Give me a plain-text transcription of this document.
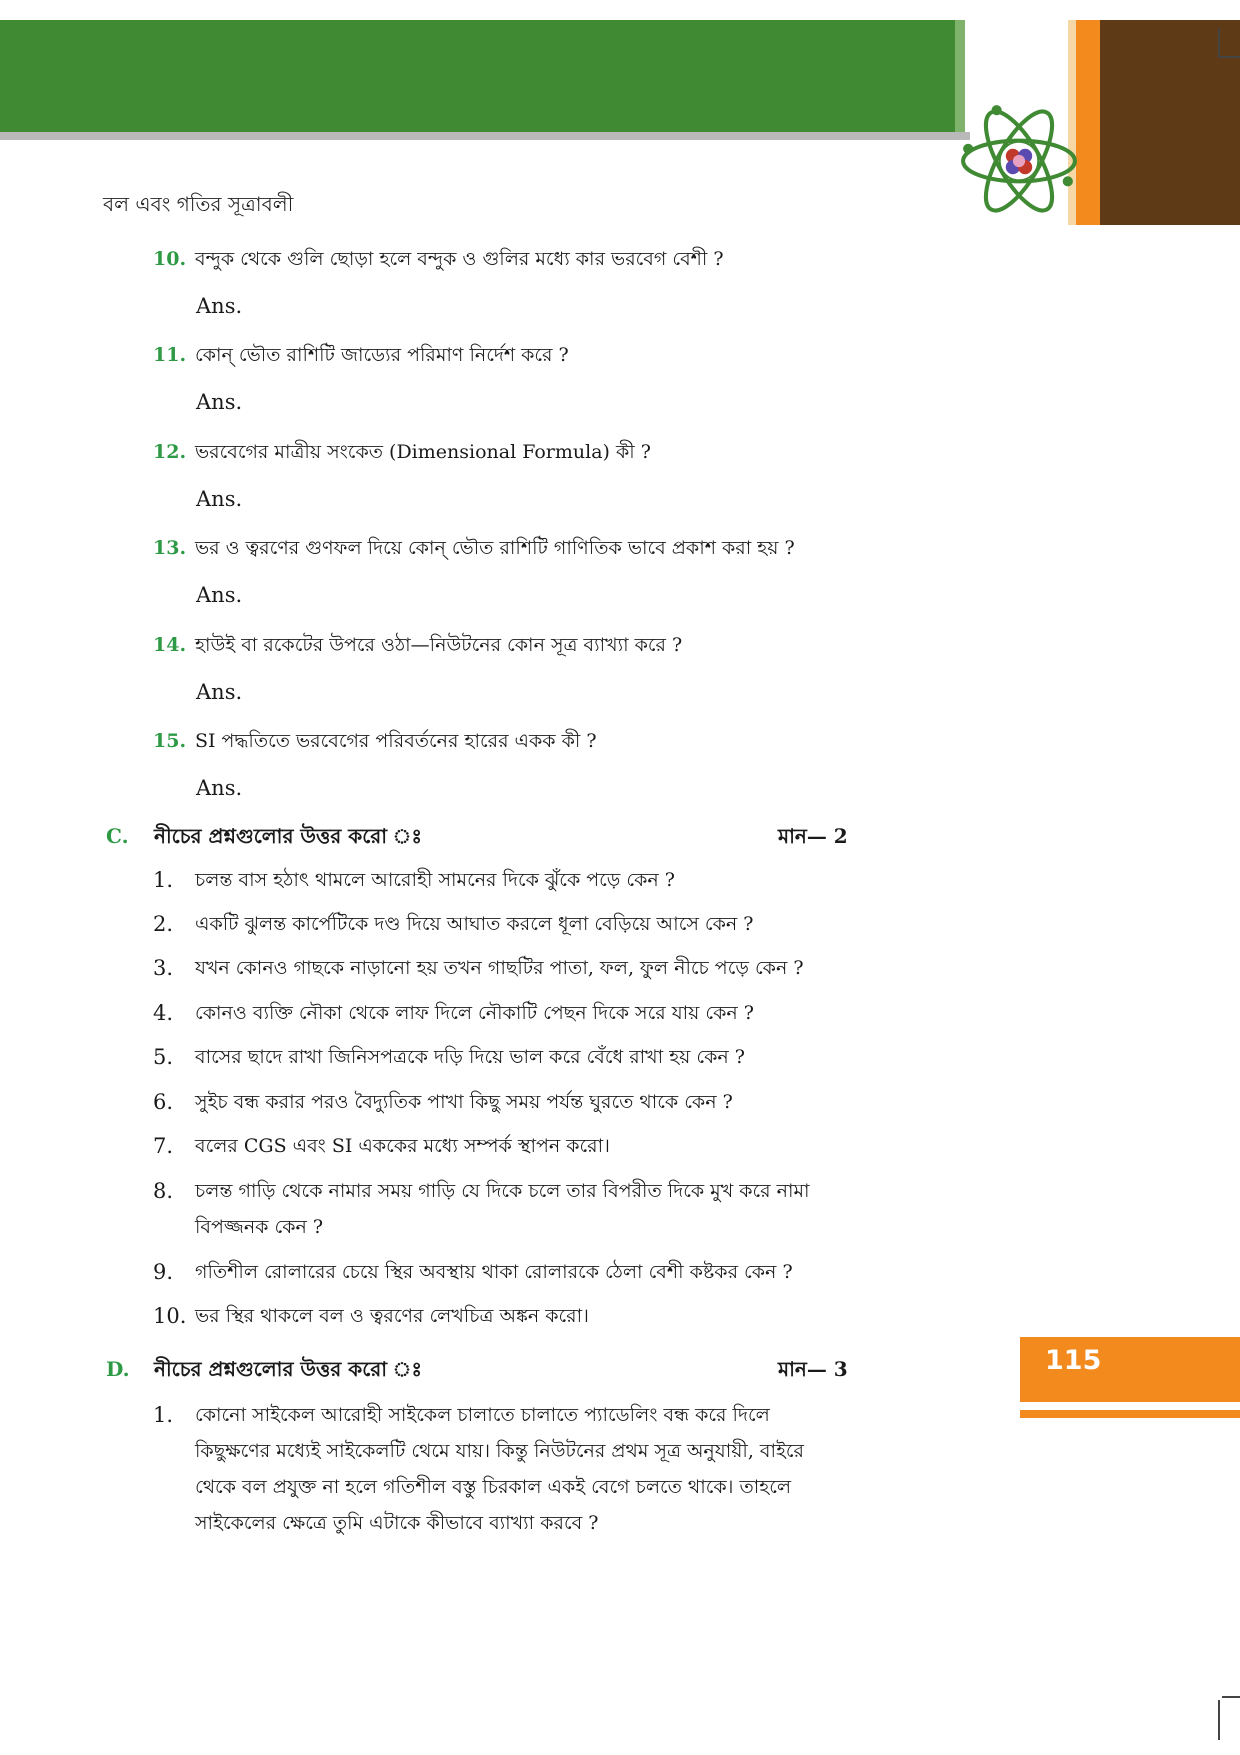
বল এবং গতির সূত্রাবলী
10. বন্দুক থেকে গুলি ছোড়া হলে বন্দুক ও গুলির মধ্যে কার ভরবেগ বেশী ?
Ans.
11. কোন্ ভৌত রাশিটি জাড্যের পরিমাণ নির্দেশ করে ?
Ans.
12. ভরবেগের মাত্রীয় সংকেত (Dimensional Formula) কী ?
Ans.
13. ভর ও ত্বরণের গুণফল দিয়ে কোন্ ভৌত রাশিটি গাণিতিক ভাবে প্রকাশ করা হয় ?
Ans.
14. হাউই বা রকেটের উপরে ওঠা—নিউটনের কোন সূত্র ব্যাখ্যা করে ?
Ans.
15. SI পদ্ধতিতে ভরবেগের পরিবর্তনের হারের একক কী ?
Ans.
C. নীচের প্রশ্নগুলোর উত্তর করো ঃ	মান— 2
1. চলন্ত বাস হঠাৎ থামলে আরোহী সামনের দিকে ঝুঁকে পড়ে কেন ?
2. একটি ঝুলন্ত কার্পেটিকে দণ্ড দিয়ে আঘাত করলে ধূলা বেড়িয়ে আসে কেন ?
3. যখন কোনও গাছকে নাড়ানো হয় তখন গাছটির পাতা, ফল, ফুল নীচে পড়ে কেন ?
4. কোনও ব্যক্তি নৌকা থেকে লাফ দিলে নৌকাটি পেছন দিকে সরে যায় কেন ?
5. বাসের ছাদে রাখা জিনিসপত্রকে দড়ি দিয়ে ভাল করে বেঁধে রাখা হয় কেন ?
6. সুইচ বন্ধ করার পরও বৈদ্যুতিক পাখা কিছু সময় পর্যন্ত ঘুরতে থাকে কেন ?
7. বলের CGS এবং SI এককের মধ্যে সম্পর্ক স্থাপন করো।
8. চলন্ত গাড়ি থেকে নামার সময় গাড়ি যে দিকে চলে তার বিপরীত দিকে মুখ করে নামা বিপজ্জনক কেন ?
9. গতিশীল রোলারের চেয়ে স্থির অবস্থায় থাকা রোলারকে ঠেলা বেশী কষ্টকর কেন ?
10. ভর স্থির থাকলে বল ও ত্বরণের লেখচিত্র অঙ্কন করো।
D. নীচের প্রশ্নগুলোর উত্তর করো ঃ	মান— 3
1. কোনো সাইকেল আরোহী সাইকেল চালাতে চালাতে প্যাডেলিং বন্ধ করে দিলে কিছুক্ষণের মধ্যেই সাইকেলটি থেমে যায়। কিন্তু নিউটনের প্রথম সূত্র অনুযায়ী, বাইরে থেকে বল প্রযুক্ত না হলে গতিশীল বস্তু চিরকাল একই বেগে চলতে থাকে। তাহলে সাইকেলের ক্ষেত্রে তুমি এটাকে কীভাবে ব্যাখ্যা করবে ?
115
